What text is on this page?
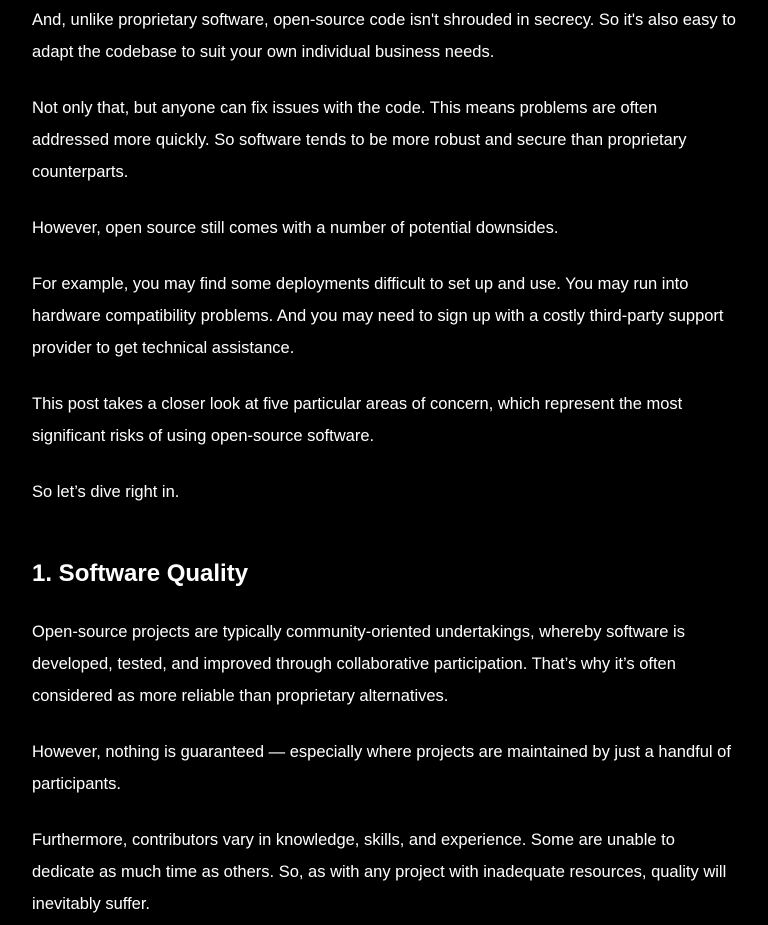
And, unlike proprietary software, open-source code isn't shrouded in secrecy. So it's also easy to adapt the codebase to suit your own individual business needs.

Not only that, but anyone can fix issues with the code. This means problems are often addressed more quickly. So software tends to be more robust and secure than proprietary counterparts.

However, open source still comes with a number of potential downsides.

For example, you may find some deployments difficult to set up and use. You may run into hardware compatibility problems. And you may need to sign up with a costly third-party support provider to get technical assistance.

This post takes a closer look at five particular areas of concern, which represent the most significant risks of using open-source software.

So let’s dive right in.

1. Software Quality

Open-source projects are typically community-oriented undertakings, whereby software is developed, tested, and improved through collaborative participation. That’s why it’s often considered as more reliable than proprietary alternatives.

However, nothing is guaranteed — especially where projects are maintained by just a handful of participants.

Furthermore, contributors vary in knowledge, skills, and experience. Some are unable to dedicate as much time as others. So, as with any project with inadequate resources, quality will inevitably suffer.
